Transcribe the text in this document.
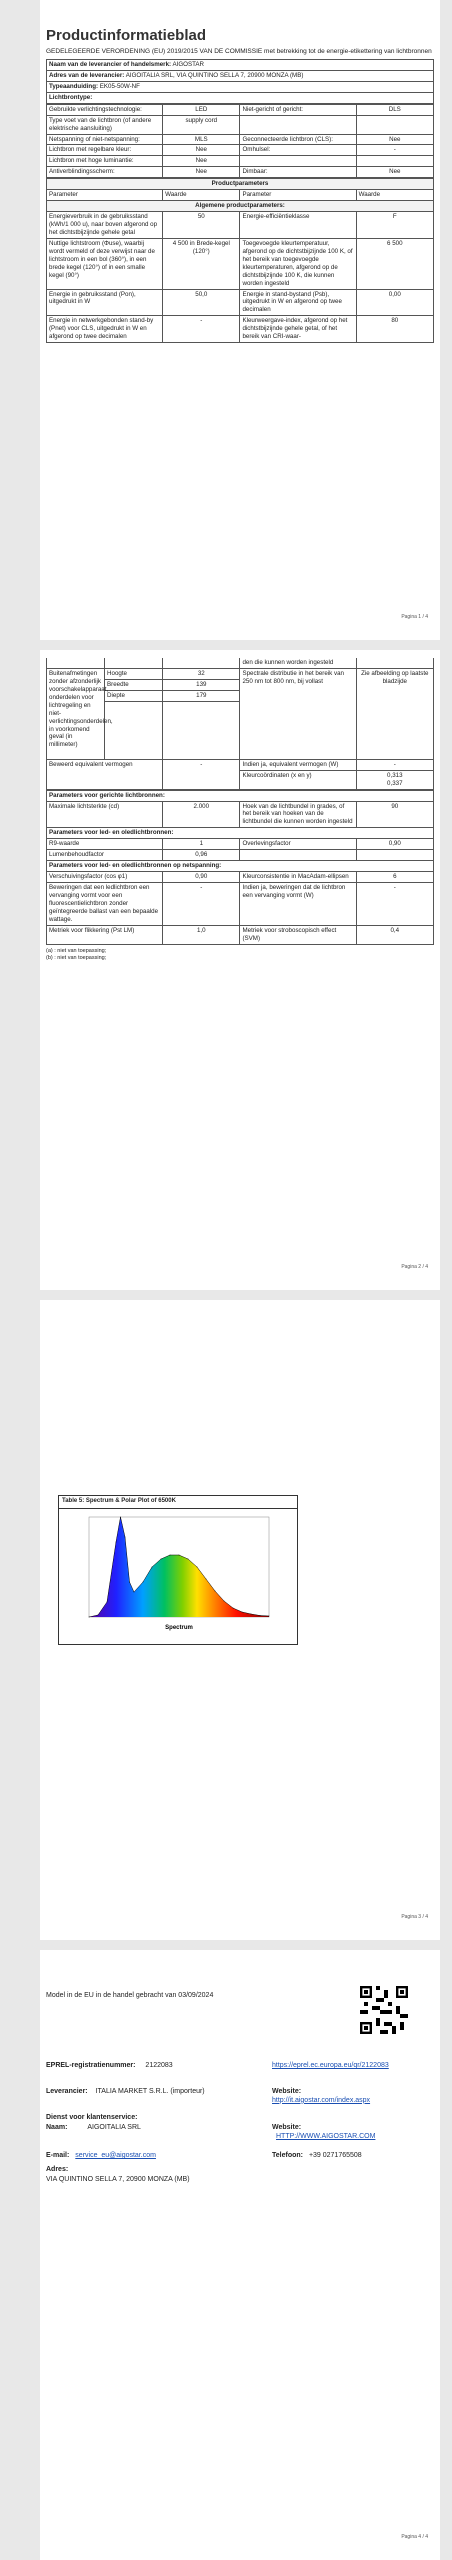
Productinformatieblad
GEDELEGEERDE VERORDENING (EU) 2019/2015 VAN DE COMMISSIE met betrekking tot de energie-etikettering van lichtbronnen
Naam van de leverancier of handelsmerk: AIGOSTAR
Adres van de leverancier: AIGOITALIA SRL, VIA QUINTINO SELLA 7, 20900 MONZA (MB)
Typeaanduiding: EK05-50W-NF
Lichtbrontype:
Gebruikte verlichtingstechnologie:	LED	Niet-gericht of gericht:	DLS
Type voet van de lichtbron (of andere elektrische aansluiting)	supply cord		
Netspanning of niet-netspanning:	MLS	Geconnecteerde lichtbron (CLS):	Nee
Lichtbron met regelbare kleur:	Nee	Omhulsel:	-
Lichtbron met hoge luminantie:	Nee		
Antiverblindingsscherm:	Nee	Dimbaar:	Nee
Productparameters			
Parameter	Waarde	Parameter	Waarde
Algemene productparameters:			
Energieverbruik in de gebruiksstand (kWh/1 000 u), naar boven afgerond op het dichtstbijzijnde gehele getal	50	Energie-efficiëntieklasse	F
Nuttige lichtstroom (Φuse), waarbij wordt vermeld of deze verwijst naar de lichtstroom in een bol (360°), in een brede kegel (120°) of in een smalle kegel (90°)	4 500 in Brede-kegel (120°)	Toegevoegde kleurtemperatuur, afgerond op de dichtstbijzijnde 100 K, of het bereik van toegevoegde kleurtemperaturen, afgerond op de dichtstbijzijnde 100 K, die kunnen worden ingesteld	6 500
Energie in gebruiksstand (Pon), uitgedrukt in W	50,0	Energie in stand-bystand (Psb), uitgedrukt in W en afgerond op twee decimalen	0,00
Energie in netwerkgebonden stand-by (Pnet) voor CLS, uitgedrukt in W en afgerond op twee decimalen	-	Kleurweergave-index, afgerond op het dichtstbijzijnde gehele getal, of het bereik van CRI-waar-	80
Pagina 1 / 4
			den die kunnen worden ingesteld	
Buitenafmetingen zonder afzonderlijk voorschakelapparaat, onderdelen voor lichtregeling en niet-verlichtingsonderdelen, in voorkomend geval (in millimeter)	Hoogte	32	Spectrale distributie in het bereik van 250 nm tot 800 nm, bij vollast	Zie afbeelding op laatste bladzijde
	Breedte	139		
	Diepte	179		

Beweerd equivalent vermogen		-	Indien ja, equivalent vermogen (W)	-
			Kleurcoördinaten (x en y)	0,313
0,337
Parameters voor gerichte lichtbronnen:			
Maximale lichtsterkte (cd)	2.000	Hoek van de lichtbundel in grades, of het bereik van hoeken van de lichtbundel die kunnen worden ingesteld	90
Parameters voor led- en oledlichtbronnen:			
R9-waarde	1	Overlevingsfactor	0,90
Lumenbehoudfactor	0,96		
Parameters voor led- en oledlichtbronnen op netspanning:			
Verschuivingsfactor (cos φ1)	0,90	Kleurconsistentie in MacAdam-ellipsen	6
Beweringen dat een ledlichtbron een vervanging vormt voor een fluorescentielichtbron zonder geïntegreerde ballast van een bepaalde wattage.	-	Indien ja, beweringen dat de lichtbron een vervanging vormt (W)	-
Metriek voor flikkering (Pst LM)	1,0	Metriek voor stroboscopisch effect (SVM)	0,4
(a) : niet van toepassing;
(b) : niet van toepassing;
Pagina 2 / 4
Table 5: Spectrum & Polar Plot of 6500K
Spectrum
Pagina 3 / 4
Model in de EU in de handel gebracht van 03/09/2024
EPREL-registratienummer: 2122083	https://eprel.ec.europa.eu/qr/2122083
Leverancier: ITALIA MARKET S.R.L. (importeur)	Website: http://it.aigostar.com/index.aspx
Dienst voor klantenservice:
Naam:	AIGOITALIA SRL	Website: HTTP://WWW.AIGOSTAR.COM
E-mail: service_eu@aigostar.com	Telefoon: +39 0271765508
Adres:
VIA QUINTINO SELLA 7, 20900 MONZA (MB)
Pagina 4 / 4
